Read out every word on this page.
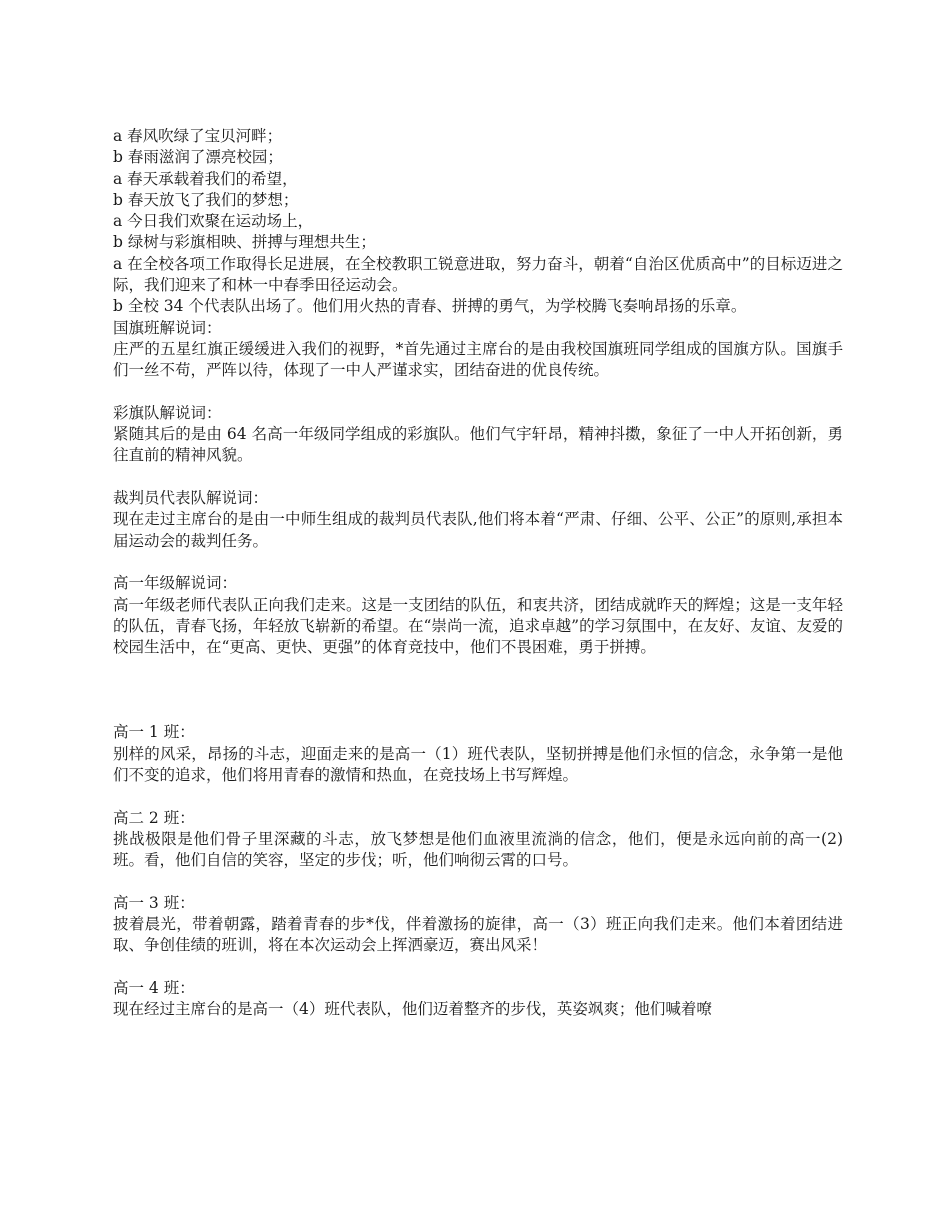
a 春风吹绿了宝贝河畔；
b 春雨滋润了漂亮校园；
a 春天承载着我们的希望，
b 春天放飞了我们的梦想；
a 今日我们欢聚在运动场上，
b 绿树与彩旗相映、拼搏与理想共生；
a 在全校各项工作取得长足进展，在全校教职工锐意进取，努力奋斗，朝着“自治区优质高中”的目标迈进之际，我们迎来了和林一中春季田径运动会。
b 全校 34 个代表队出场了。他们用火热的青春、拼搏的勇气，为学校腾飞奏响昂扬的乐章。
国旗班解说词：
庄严的五星红旗正缓缓进入我们的视野，*首先通过主席台的是由我校国旗班同学组成的国旗方队。国旗手们一丝不苟，严阵以待，体现了一中人严谨求实，团结奋进的优良传统。
彩旗队解说词：
紧随其后的是由 64 名高一年级同学组成的彩旗队。他们气宇轩昂，精神抖擞，象征了一中人开拓创新，勇往直前的精神风貌。
裁判员代表队解说词：
现在走过主席台的是由一中师生组成的裁判员代表队,他们将本着“严肃、仔细、公平、公正”的原则,承担本届运动会的裁判任务。
高一年级解说词：
高一年级老师代表队正向我们走来。这是一支团结的队伍，和衷共济，团结成就昨天的辉煌；这是一支年轻的队伍，青春飞扬，年轻放飞崭新的希望。在“崇尚一流，追求卓越”的学习氛围中，在友好、友谊、友爱的校园生活中，在“更高、更快、更强”的体育竞技中，他们不畏困难，勇于拼搏。
高一 1 班：
别样的风采，昂扬的斗志，迎面走来的是高一（1）班代表队，坚韧拼搏是他们永恒的信念，永争第一是他们不变的追求，他们将用青春的激情和热血，在竞技场上书写辉煌。
高二 2 班：
挑战极限是他们骨子里深藏的斗志，放飞梦想是他们血液里流淌的信念，他们，便是永远向前的高一(2)班。看，他们自信的笑容，坚定的步伐；听，他们响彻云霄的口号。
高一 3 班：
披着晨光，带着朝露，踏着青春的步*伐，伴着激扬的旋律，高一（3）班正向我们走来。他们本着团结进取、争创佳绩的班训，将在本次运动会上挥洒豪迈，赛出风采！
高一 4 班：
现在经过主席台的是高一（4）班代表队，他们迈着整齐的步伐，英姿飒爽；他们喊着嘹
